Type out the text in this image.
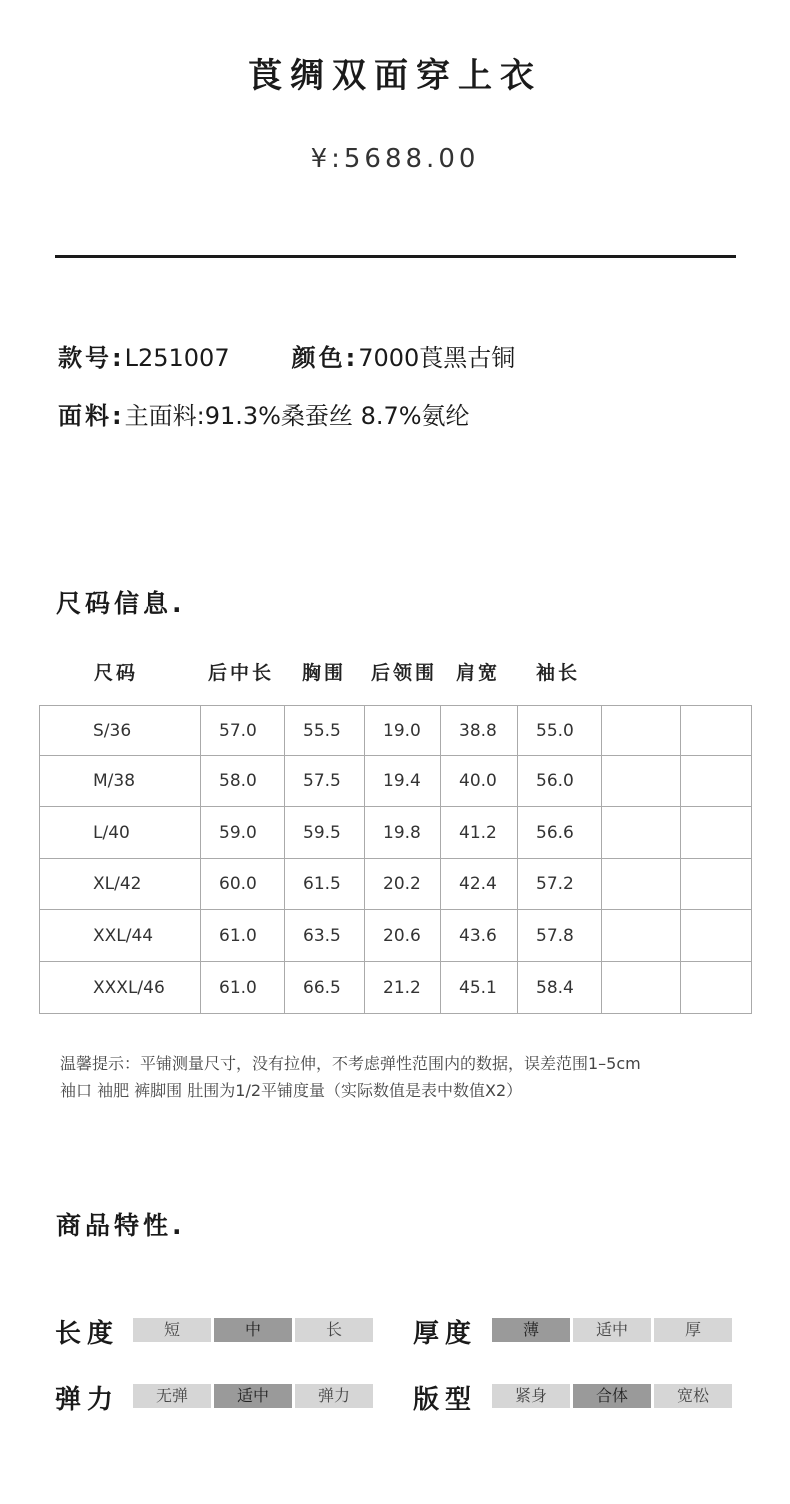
莨绸双面穿上衣
¥:5688.00
款号:L251007	颜色:7000莨黑古铜
面料:主面料:91.3%桑蚕丝 8.7%氨纶
尺码信息.
尺码	后中长 胸围 后领围 肩宽 袖长
S/36	57.0	55.5	19.0	38.8	55.0		
M/38	58.0	57.5	19.4	40.0	56.0		
L/40	59.0	59.5	19.8	41.2	56.6		
XL/42	60.0	61.5	20.2	42.4	57.2		
XXL/44	61.0	63.5	20.6	43.6	57.8		
XXXL/46	61.0	66.5	21.2	45.1	58.4		
温馨提示：平铺测量尺寸，没有拉伸，不考虑弹性范围内的数据，误差范围1–5cm
袖口 袖肥 裤脚围 肚围为1/2平铺度量（实际数值是表中数值X2）
商品特性.
长度	短	中	长	厚度	薄	适中	厚
弹力	无弹	适中	弹力	版型	紧身	合体	宽松
